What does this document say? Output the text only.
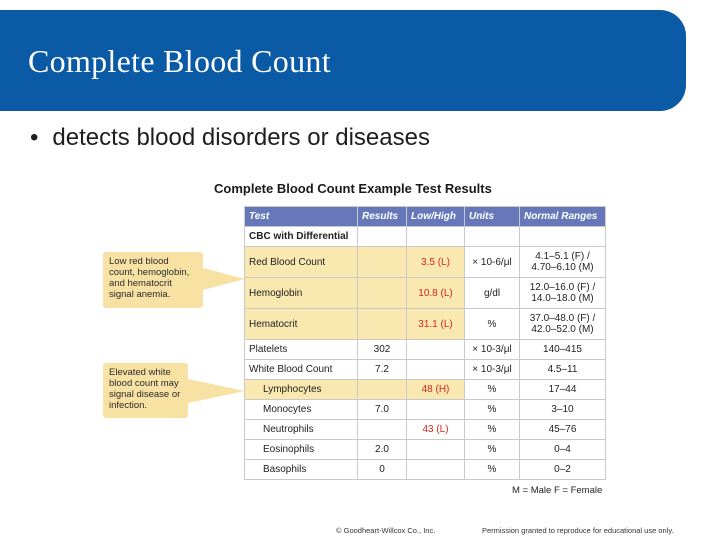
Complete Blood Count
• detects blood disorders or diseases
Complete Blood Count Example Test Results
Low red blood count, hemoglobin, and hematocrit signal anemia.
Elevated white blood count may signal disease or infection.
Test	Results	Low/High	Units	Normal Ranges
CBC with Differential				
Red Blood Count		3.5 (L)	× 10-6/μl	4.1–5.1 (F) / 4.70–6.10 (M)
Hemoglobin		10.8 (L)	g/dl	12.0–16.0 (F) / 14.0–18.0 (M)
Hematocrit		31.1 (L)	%	37.0–48.0 (F) / 42.0–52.0 (M)
Platelets	302		× 10-3/μl	140–415
White Blood Count	7.2		× 10-3/μl	4.5–11
Lymphocytes		48 (H)	%	17–44
Monocytes	7.0		%	3–10
Neutrophils		43 (L)	%	45–76
Eosinophils	2.0		%	0–4
Basophils	0		%	0–2
M = Male F = Female
© Goodheart-Willcox Co., Inc.	Permission granted to reproduce for educational use only.
